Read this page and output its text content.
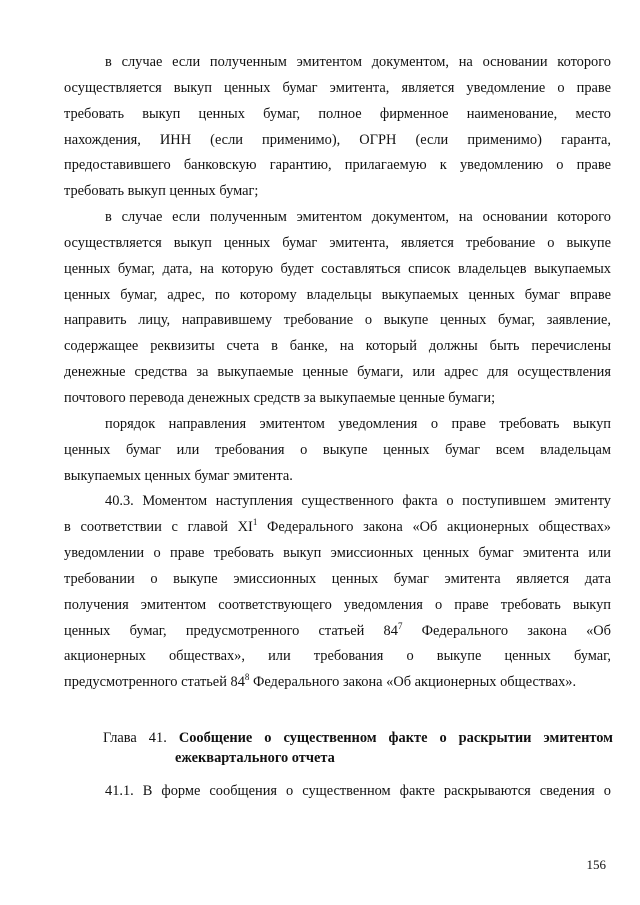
в случае если полученным эмитентом документом, на основании которого
осуществляется выкуп ценных бумаг эмитента, является уведомление о праве
требовать выкуп ценных бумаг, полное фирменное наименование, место
нахождения, ИНН (если применимо), ОГРН (если применимо) гаранта,
предоставившего банковскую гарантию, прилагаемую к уведомлению о праве
требовать выкуп ценных бумаг;
в случае если полученным эмитентом документом, на основании которого
осуществляется выкуп ценных бумаг эмитента, является требование о выкупе
ценных бумаг, дата, на которую будет составляться список владельцев выкупаемых
ценных бумаг, адрес, по которому владельцы выкупаемых ценных бумаг вправе
направить лицу, направившему требование о выкупе ценных бумаг, заявление,
содержащее реквизиты счета в банке, на который должны быть перечислены
денежные средства за выкупаемые ценные бумаги, или адрес для осуществления
почтового перевода денежных средств за выкупаемые ценные бумаги;
порядок направления эмитентом уведомления о праве требовать выкуп
ценных бумаг или требования о выкупе ценных бумаг всем владельцам
выкупаемых ценных бумаг эмитента.
40.3. Моментом наступления существенного факта о поступившем эмитенту
в соответствии с главой $XI^1$ Федерального закона «Об акционерных обществах»
уведомлении о праве требовать выкуп эмиссионных ценных бумаг эмитента или
требовании о выкупе эмиссионных ценных бумаг эмитента является дата
получения эмитентом соответствующего уведомления о праве требовать выкуп
ценных бумаг, предусмотренного статьей $84^7$ Федерального закона «Об
акционерных обществах», или требования о выкупе ценных бумаг,
предусмотренного статьей $84^8$ Федерального закона «Об акционерных обществах».
Глава 41. Сообщение о существенном факте о раскрытии эмитентом
ежеквартального отчета
41.1. В форме сообщения о существенном факте раскрываются сведения о
156
